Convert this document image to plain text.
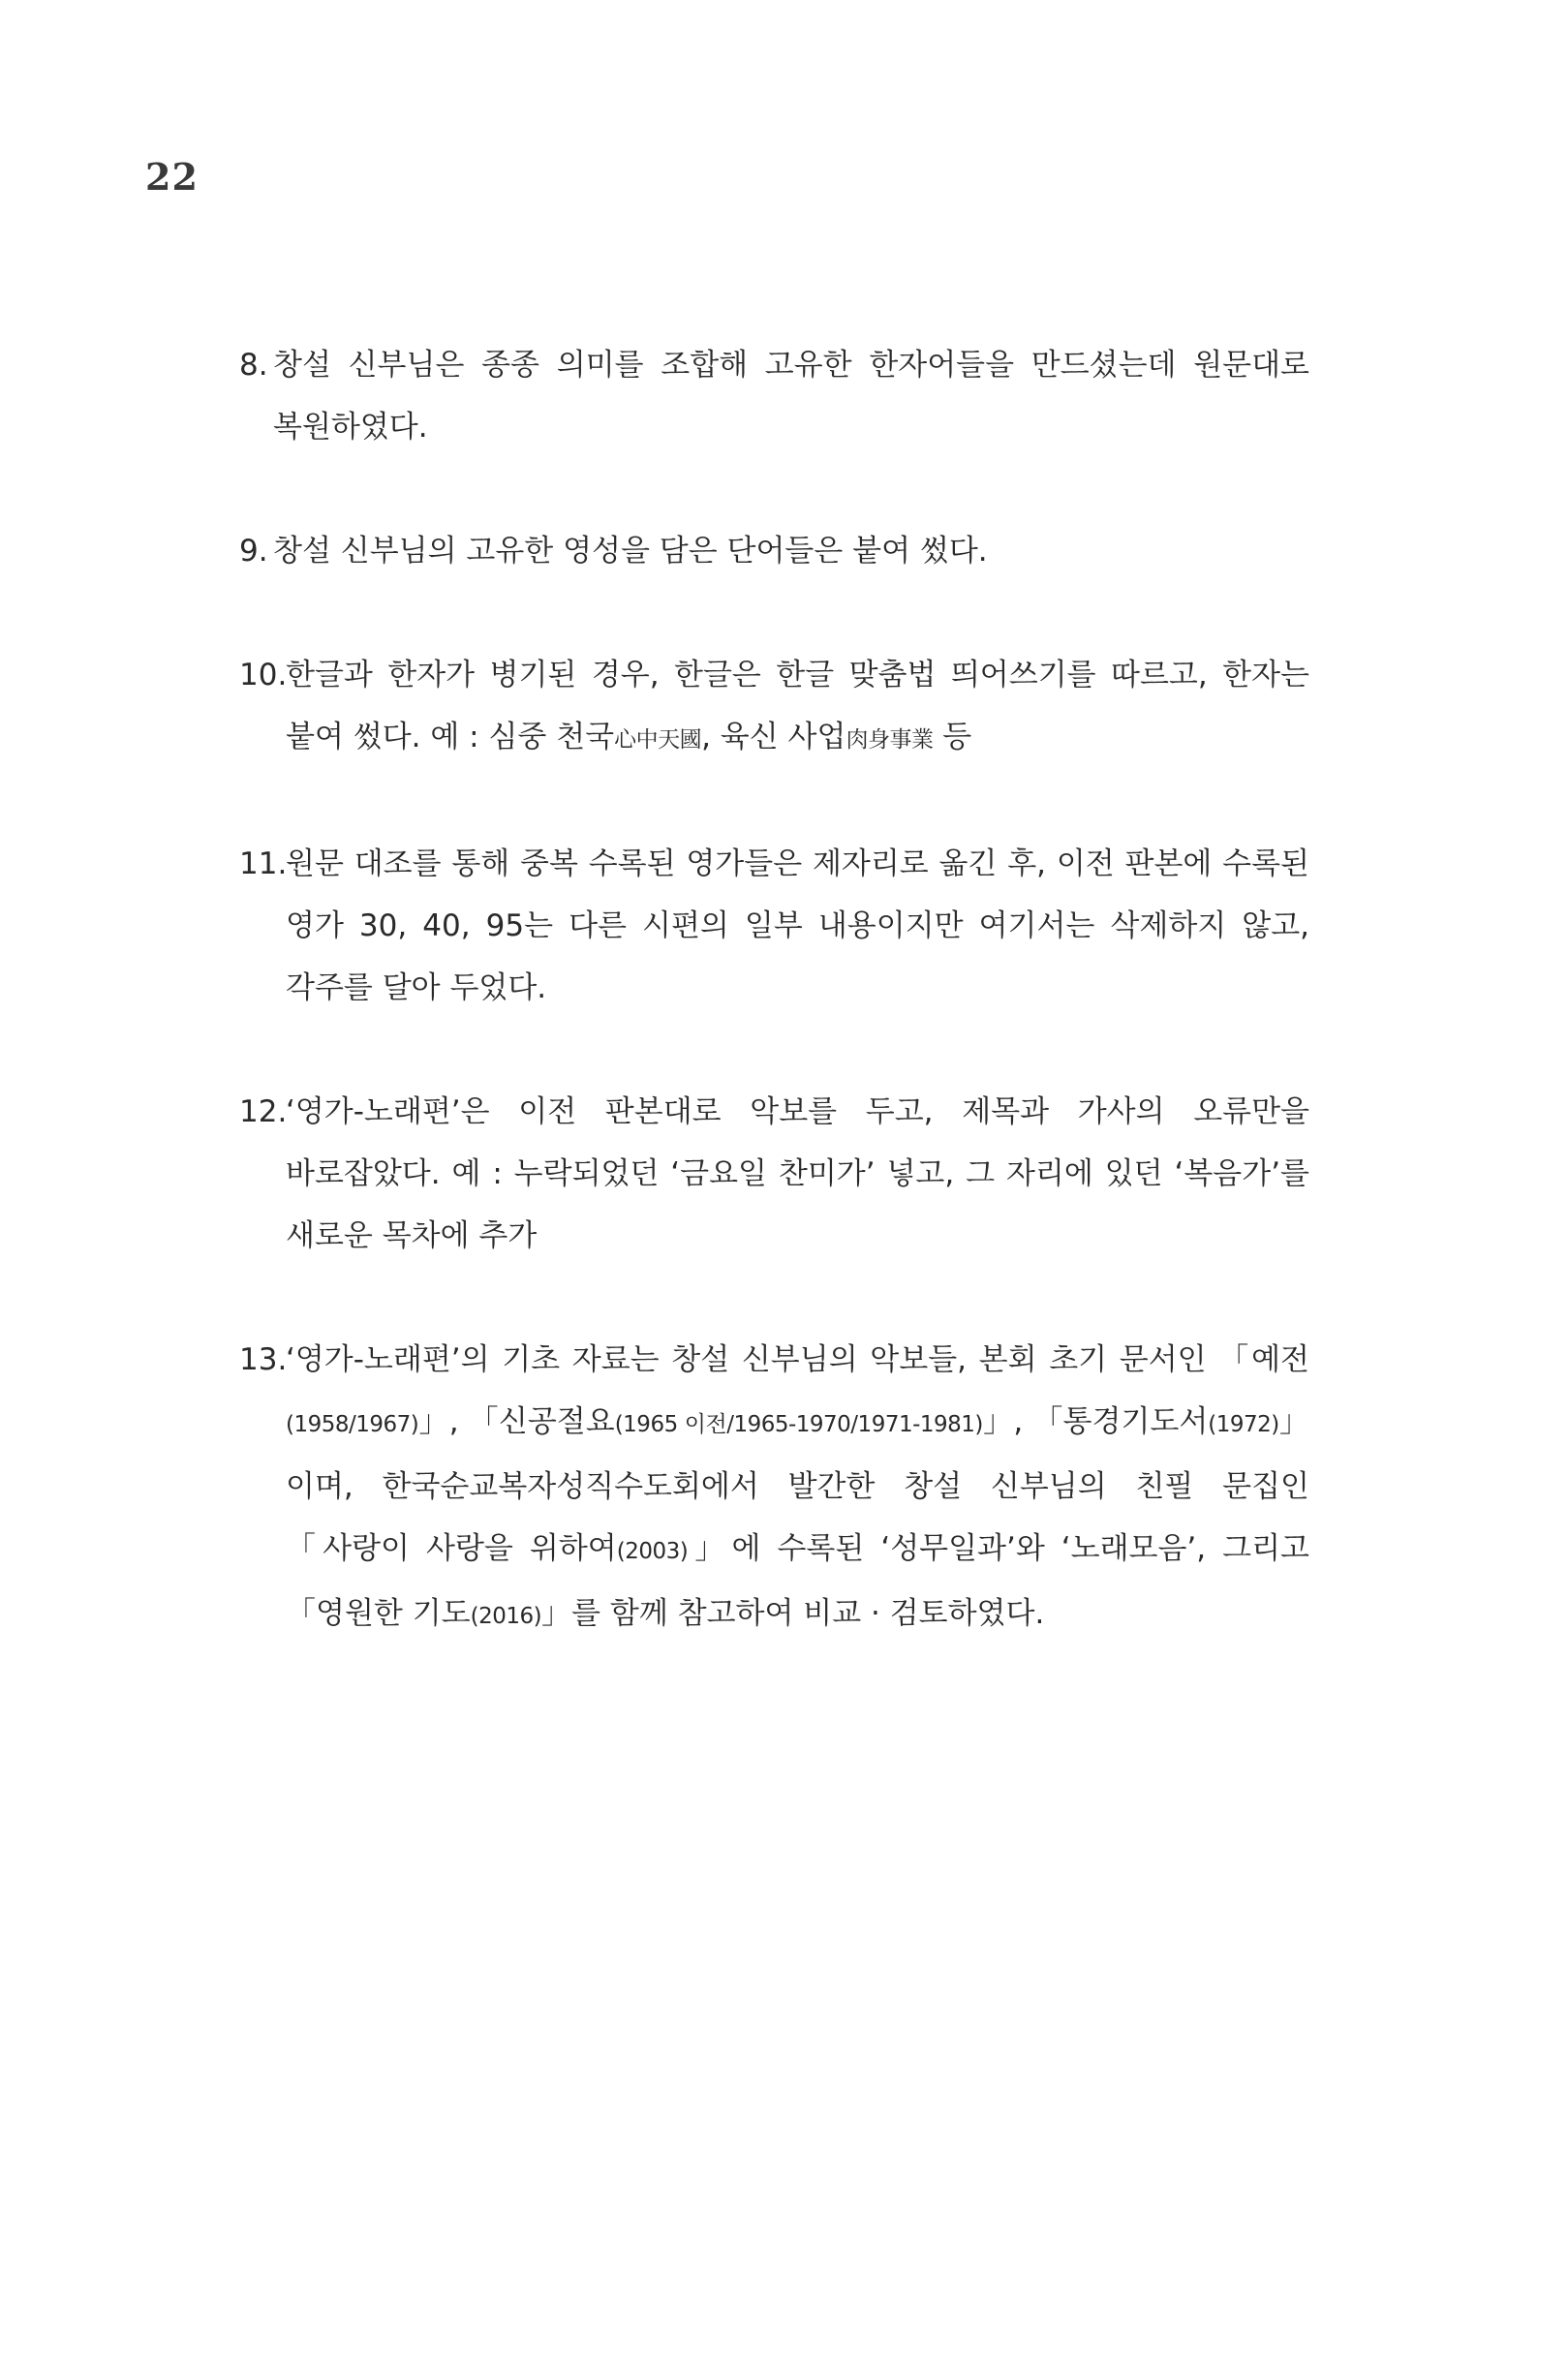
22
8. 창설 신부님은 종종 의미를 조합해 고유한 한자어들을 만드셨는데 원문대로 복원하였다.
9. 창설 신부님의 고유한 영성을 담은 단어들은 붙여 썼다.
10.
한글과 한자가 병기된 경우, 한글은 한글 맞춤법 띄어쓰기를 따르고, 한자는 붙여 썼다. 예 : 심중 천국心中天國, 육신 사업肉身事業 등
11.
원문 대조를 통해 중복 수록된 영가들은 제자리로 옮긴 후, 이전 판본에 수록된 영가 30, 40, 95는 다른 시편의 일부 내용이지만 여기서는 삭제하지 않고, 각주를 달아 두었다.
12.
‘영가-노래편’은 이전 판본대로 악보를 두고, 제목과 가사의 오류만을 바로잡았다. 예 : 누락되었던 ‘금요일 찬미가’ 넣고, 그 자리에 있던 ‘복음가’를 새로운 목차에 추가
13.
‘영가-노래편’의 기초 자료는 창설 신부님의 악보들, 본회 초기 문서인 「예전(1958/1967)」, 「신공절요(1965 이전/1965-1970/1971-1981)」, 「통경기도서(1972)」이며, 한국순교복자성직수도회에서 발간한 창설 신부님의 친필 문집인 「사랑이 사랑을 위하여(2003)」에 수록된 ‘성무일과’와 ‘노래모음’, 그리고 「영원한 기도(2016)」를 함께 참고하여 비교 · 검토하였다.
